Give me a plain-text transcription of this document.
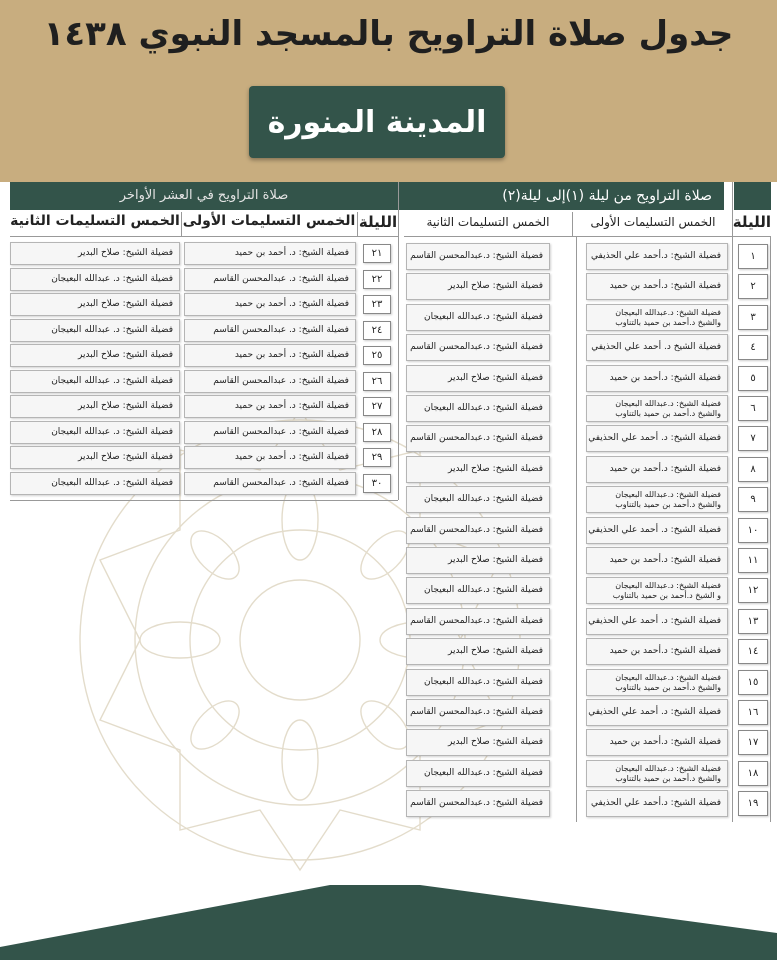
جدول صلاة التراويح بالمسجد النبوي ١٤٣٨
المدينة المنورة
صلاة التراويح من ليلة (١)إلى ليلة(٢)
صلاة التراويح في العشر الأواخر
الليلة
الخمس التسليمات الأولى
الخمس التسليمات الثانية
الليلة
الخمس التسليمات الأولى
الخمس التسليمات الثانية
١
فضيلة الشيخ: د.أحمد علي الحذيفي
فضيلة الشيخ: د.عبدالمحسن القاسم
٢
فضيلة الشيخ: د.أحمد بن حميد
فضيلة الشيخ: صلاح البدير
٣
فضيلة الشيخ: د.عبدالله البعيجان
والشيخ د.أحمد بن حميد بالتناوب
فضيلة الشيخ: د.عبدالله البعيجان
٤
فضيلة الشيخ د. أحمد علي الحذيفي
فضيلة الشيخ: د.عبدالمحسن القاسم
٥
فضيلة الشيخ: د.أحمد بن حميد
فضيلة الشيخ: صلاح البدير
٦
فضيلة الشيخ: د.عبدالله البعيجان
والشيخ د.أحمد بن حميد بالتناوب
فضيلة الشيخ: د.عبدالله البعيجان
٧
فضيلة الشيخ: د. أحمد علي الحذيفي
فضيلة الشيخ: د.عبدالمحسن القاسم
٨
فضيلة الشيخ: د.أحمد بن حميد
فضيلة الشيخ: صلاح البدير
٩
فضيلة الشيخ: د.عبدالله البعيجان
والشيخ د.أحمد بن حميد بالتناوب
فضيلة الشيخ: د.عبدالله البعيجان
١٠
فضيلة الشيخ: د. أحمد علي الحذيفي
فضيلة الشيخ: د.عبدالمحسن القاسم
١١
فضيلة الشيخ: د.أحمد بن حميد
فضيلة الشيخ: صلاح البدير
١٢
فضيلة الشيخ: د.عبدالله البعيجان
و الشيخ د.أحمد بن حميد بالتناوب
فضيلة الشيخ: د.عبدالله البعيجان
١٣
فضيلة الشيخ: د. أحمد علي الحذيفي
فضيلة الشيخ: د.عبدالمحسن القاسم
١٤
فضيلة الشيخ: د.أحمد بن حميد
فضيلة الشيخ: صلاح البدير
١٥
فضيلة الشيخ: د.عبدالله البعيجان
والشيخ د.أحمد بن حميد بالتناوب
فضيلة الشيخ: د.عبدالله البعيجان
١٦
فضيلة الشيخ: د. أحمد علي الحذيفي
فضيلة الشيخ: د.عبدالمحسن القاسم
١٧
فضيلة الشيخ: د.أحمد بن حميد
فضيلة الشيخ: صلاح البدير
١٨
فضيلة الشيخ: د.عبدالله البعيجان
والشيخ د.أحمد بن حميد بالتناوب
فضيلة الشيخ: د.عبدالله البعيجان
١٩
فضيلة الشيخ: د.أحمد علي الحذيفي
فضيلة الشيخ: د.عبدالمحسن القاسم
٢١
فضيلة الشيخ: د. أحمد بن حميد
فضيلة الشيخ: صلاح البدير
٢٢
فضيلة الشيخ: د. عبدالمحسن القاسم
فضيلة الشيخ: د. عبدالله البعيجان
٢٣
فضيلة الشيخ: د. أحمد بن حميد
فضيلة الشيخ: صلاح البدير
٢٤
فضيلة الشيخ: د. عبدالمحسن القاسم
فضيلة الشيخ: د. عبدالله البعيجان
٢٥
فضيلة الشيخ: د. أحمد بن حميد
فضيلة الشيخ: صلاح البدير
٢٦
فضيلة الشيخ: د. عبدالمحسن القاسم
فضيلة الشيخ: د. عبدالله البعيجان
٢٧
فضيلة الشيخ: د. أحمد بن حميد
فضيلة الشيخ: صلاح البدير
٢٨
فضيلة الشيخ: د. عبدالمحسن القاسم
فضيلة الشيخ: د. عبدالله البعيجان
٢٩
فضيلة الشيخ: د. أحمد بن حميد
فضيلة الشيخ: صلاح البدير
٣٠
فضيلة الشيخ: د. عبدالمحسن القاسم
فضيلة الشيخ: د. عبدالله البعيجان
